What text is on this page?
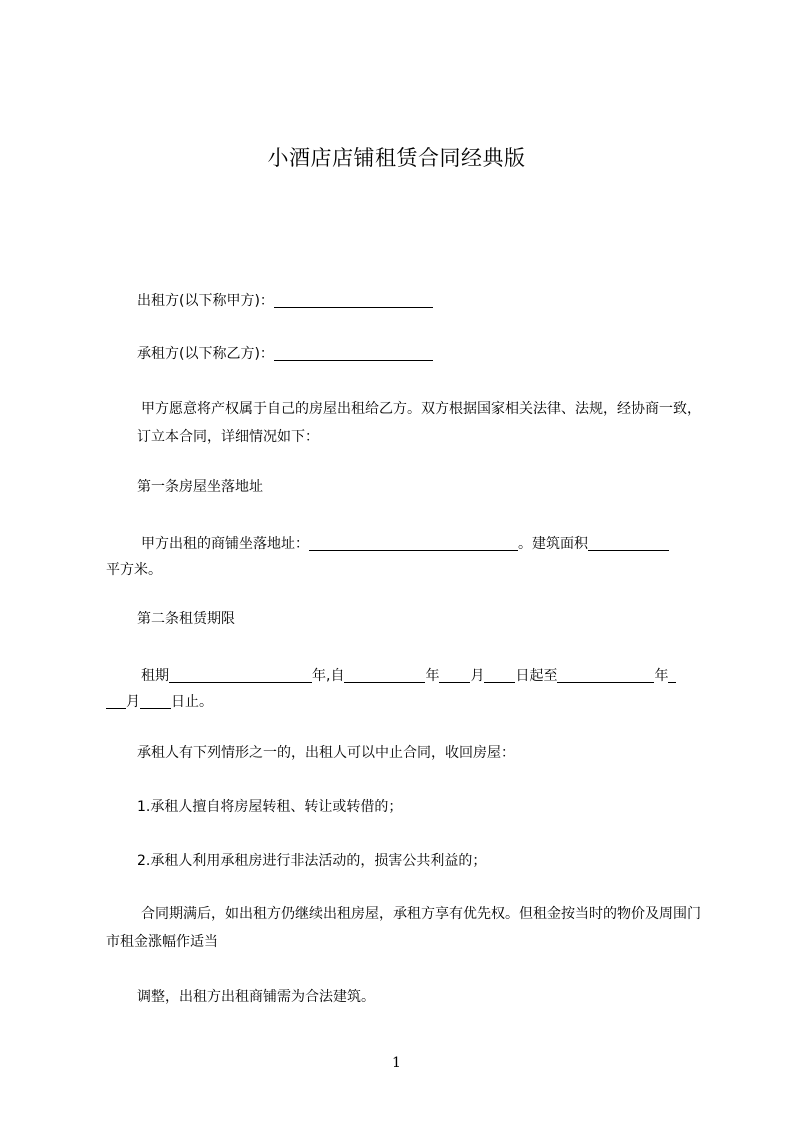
小酒店店铺租赁合同经典版
出租方(以下称甲方)：
承租方(以下称乙方)：
甲方愿意将产权属于自己的房屋出租给乙方。双方根据国家相关法律、法规，经协商一致，订立本合同，详细情况如下：
第一条房屋坐落地址
甲方出租的商铺坐落地址：	。建筑面积
平方米。
第二条租赁期限
租期	年,自	年 月 日起至	年
月 日止。
承租人有下列情形之一的，出租人可以中止合同，收回房屋：
1.承租人擅自将房屋转租、转让或转借的；
2.承租人利用承租房进行非法活动的，损害公共利益的；
合同期满后，如出租方仍继续出租房屋，承租方享有优先权。但租金按当时的物价及周围门市租金涨幅作适当
调整，出租方出租商铺需为合法建筑。
1
